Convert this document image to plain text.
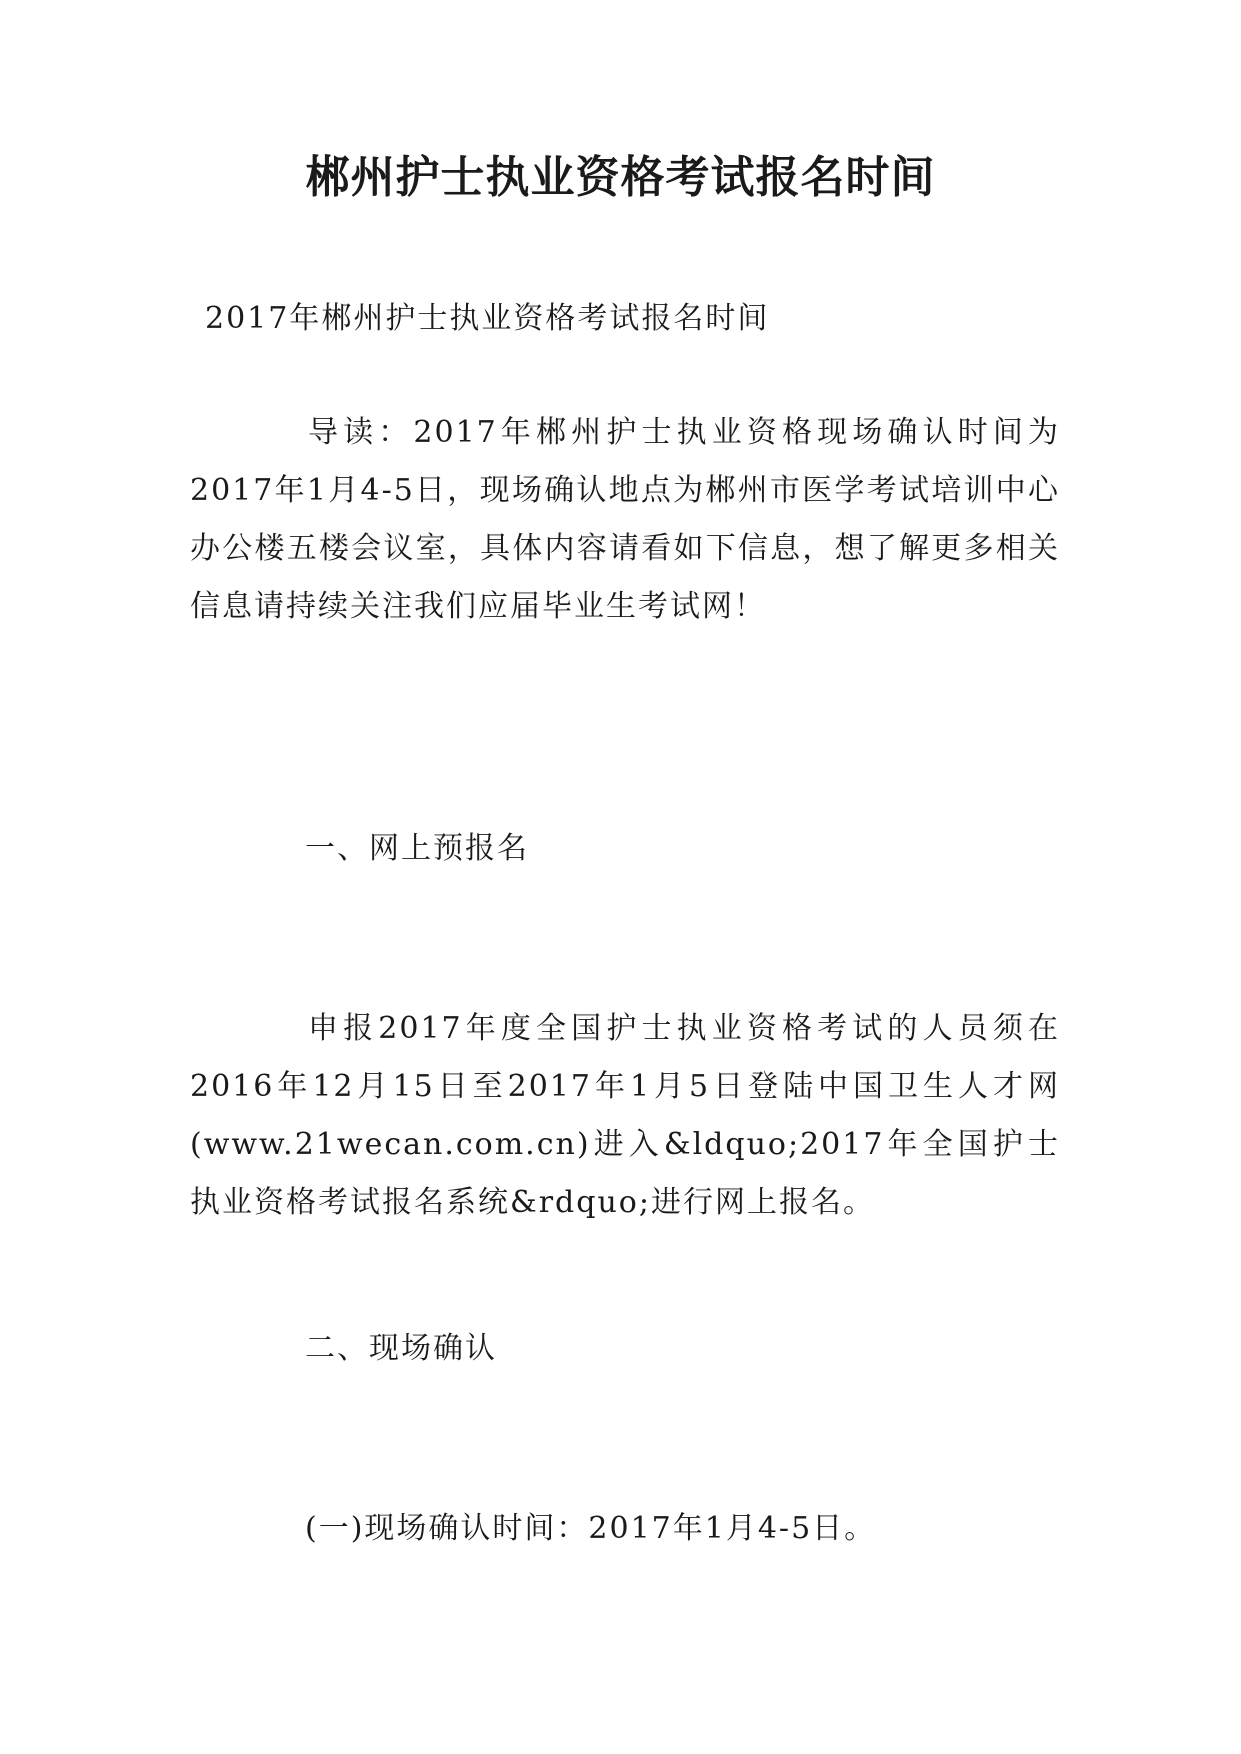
郴州护士执业资格考试报名时间
2017年郴州护士执业资格考试报名时间
导读：2017年郴州护士执业资格现场确认时间为2017年1月4-5日，现场确认地点为郴州市医学考试培训中心办公楼五楼会议室，具体内容请看如下信息，想了解更多相关信息请持续关注我们应届毕业生考试网！
一、网上预报名
申报2017年度全国护士执业资格考试的人员须在2016年12月15日至2017年1月5日登陆中国卫生人才网(www.21wecan.com.cn)进入&ldquo;2017年全国护士执业资格考试报名系统&rdquo;进行网上报名。
二、现场确认
(一)现场确认时间：2017年1月4-5日。
